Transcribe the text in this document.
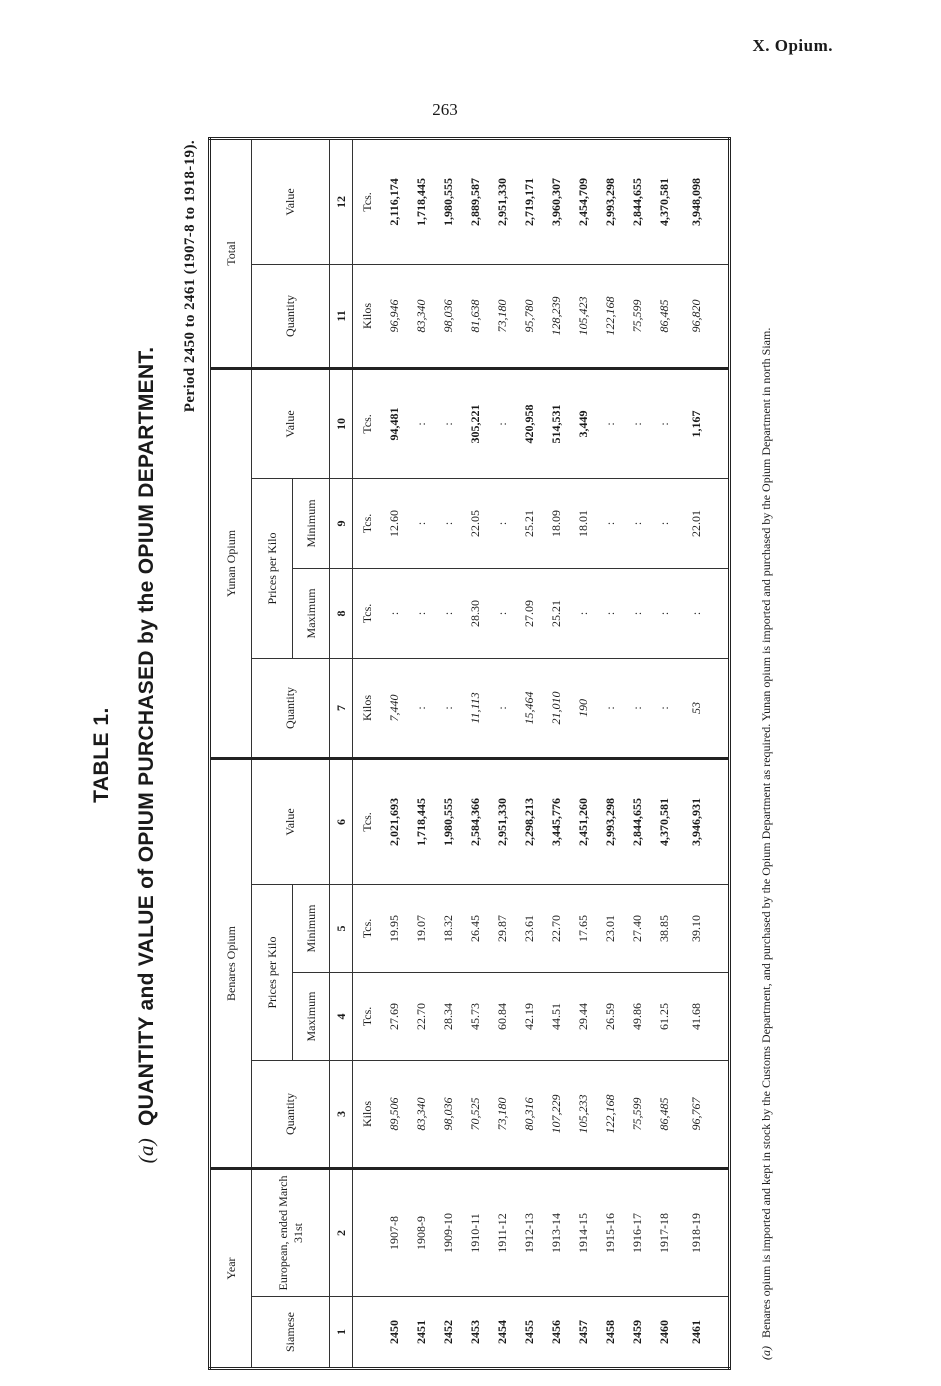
X. Opium.
263
TABLE 1.
(a)QUANTITY and VALUE of OPIUM PURCHASED by the OPIUM DEPARTMENT.
Period 2450 to 2461 (1907-8 to 1918-19).
Year		Benares Opium				Yunan Opium				Total	
Siamese	European, ended March 31st	Quantity	Prices per Kilo		Value	Quantity	Prices per Kilo		Value	Quantity	Value
			Maximum	Minimum			Maximum	Minimum			
1	2	3	4	5	6	7	8	9	10	11	12
		Kilos	Tcs.	Tcs.	Tcs.	Kilos	Tcs.	Tcs.	Tcs.	Kilos	Tcs.
2450	1907-8	89,506	27.69	19.95	2,021,693	7,440	:	12.60	94,481	96,946	2,116,174
2451	1908-9	83,340	22.70	19.07	1,718,445	:	:	:	:	83,340	1,718,445
2452	1909-10	98,036	28.34	18.32	1,980,555	:	:	:	:	98,036	1,980,555
2453	1910-11	70,525	45.73	26.45	2,584,366	11,113	28.30	22.05	305,221	81,638	2,889,587
2454	1911-12	73,180	60.84	29.87	2,951,330	:	:	:	:	73,180	2,951,330
2455	1912-13	80,316	42.19	23.61	2,298,213	15,464	27.09	25.21	420,958	95,780	2,719,171
2456	1913-14	107,229	44.51	22.70	3,445,776	21,010	25.21	18.09	514,531	128,239	3,960,307
2457	1914-15	105,233	29.44	17.65	2,451,260	190	:	18.01	3,449	105,423	2,454,709
2458	1915-16	122,168	26.59	23.01	2,993,298	:	:	:	:	122,168	2,993,298
2459	1916-17	75,599	49.86	27.40	2,844,655	:	:	:	:	75,599	2,844,655
2460	1917-18	86,485	61.25	38.85	4,370,581	:	:	:	:	86,485	4,370,581
2461	1918-19	96,767	41.68	39.10	3,946,931	53	:	22.01	1,167	96,820	3,948,098
(a)Benares opium is imported and kept in stock by the Customs Department, and purchased by the Opium Department as required. Yunan opium is imported and purchased by the Opium Department in north Siam.
